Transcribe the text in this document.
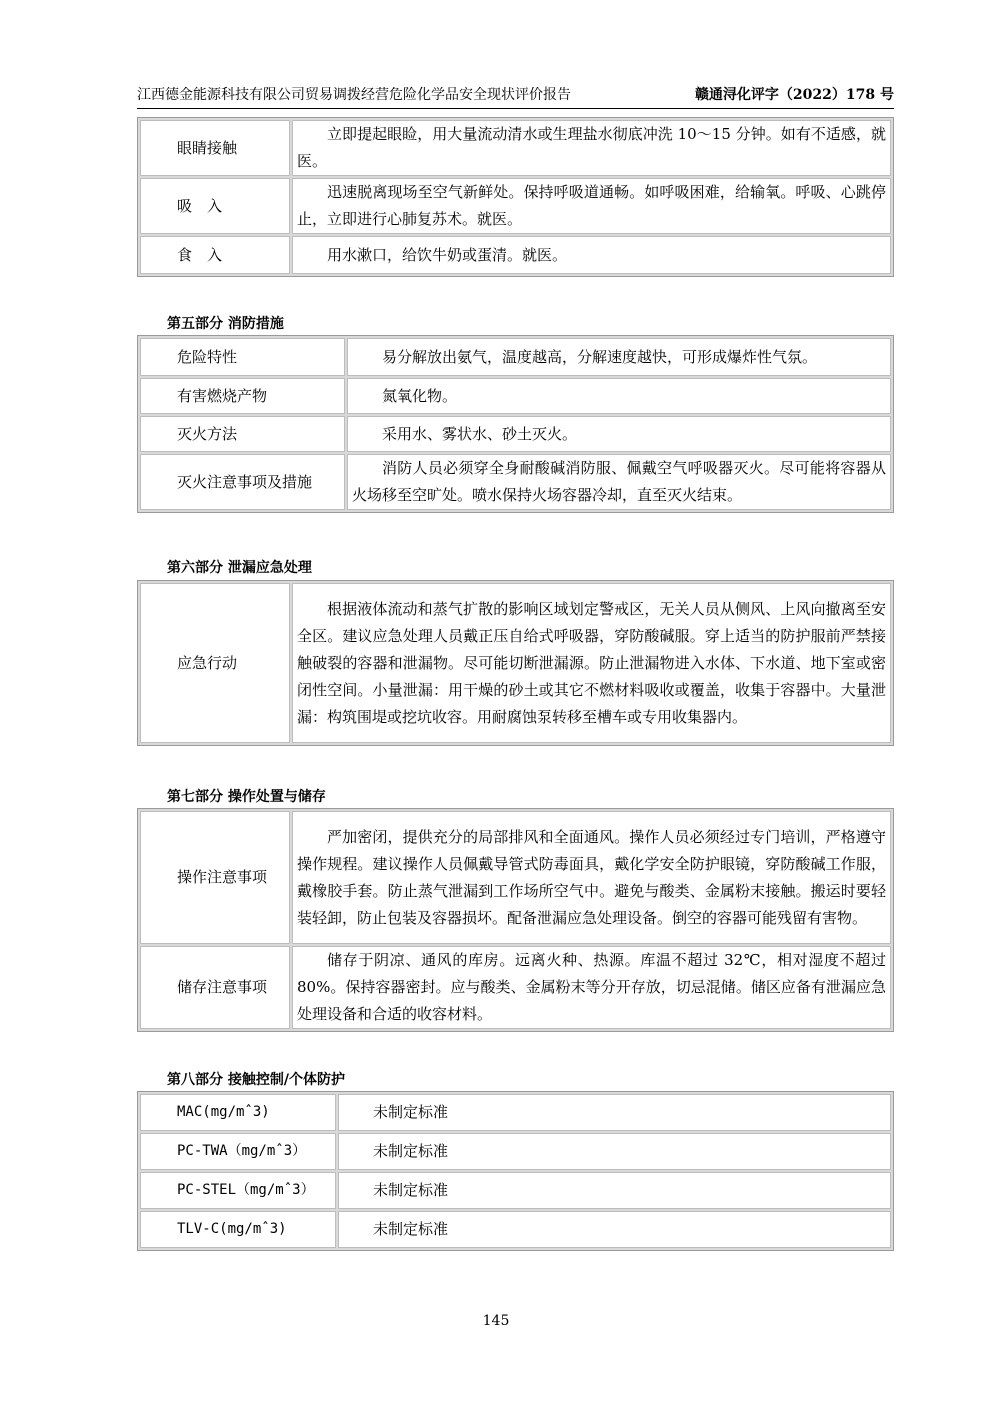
江西德金能源科技有限公司贸易调拨经营危险化学品安全现状评价报告	赣通浔化评字（2022）178 号
眼睛接触	立即提起眼睑，用大量流动清水或生理盐水彻底冲洗 10～15 分钟。如有不适感，就医。
吸　入	迅速脱离现场至空气新鲜处。保持呼吸道通畅。如呼吸困难，给输氧。呼吸、心跳停止，立即进行心肺复苏术。就医。
食　入	用水漱口，给饮牛奶或蛋清。就医。
第五部分 消防措施
危险特性	易分解放出氨气，温度越高，分解速度越快，可形成爆炸性气氛。
有害燃烧产物	氮氧化物。
灭火方法	采用水、雾状水、砂土灭火。
灭火注意事项及措施	消防人员必须穿全身耐酸碱消防服、佩戴空气呼吸器灭火。尽可能将容器从火场移至空旷处。喷水保持火场容器冷却，直至灭火结束。
第六部分 泄漏应急处理
应急行动	根据液体流动和蒸气扩散的影响区域划定警戒区，无关人员从侧风、上风向撤离至安全区。建议应急处理人员戴正压自给式呼吸器，穿防酸碱服。穿上适当的防护服前严禁接触破裂的容器和泄漏物。尽可能切断泄漏源。防止泄漏物进入水体、下水道、地下室或密闭性空间。小量泄漏：用干燥的砂土或其它不燃材料吸收或覆盖，收集于容器中。大量泄漏：构筑围堤或挖坑收容。用耐腐蚀泵转移至槽车或专用收集器内。
第七部分 操作处置与储存
操作注意事项	严加密闭，提供充分的局部排风和全面通风。操作人员必须经过专门培训，严格遵守操作规程。建议操作人员佩戴导管式防毒面具，戴化学安全防护眼镜，穿防酸碱工作服，戴橡胶手套。防止蒸气泄漏到工作场所空气中。避免与酸类、金属粉末接触。搬运时要轻装轻卸，防止包装及容器损坏。配备泄漏应急处理设备。倒空的容器可能残留有害物。
储存注意事项	储存于阴凉、通风的库房。远离火种、热源。库温不超过 32℃，相对湿度不超过 80%。保持容器密封。应与酸类、金属粉末等分开存放，切忌混储。储区应备有泄漏应急处理设备和合适的收容材料。
第八部分 接触控制/个体防护
MAC(mg/mˆ3)	未制定标准
PC-TWA（mg/mˆ3）	未制定标准
PC-STEL（mg/mˆ3）	未制定标准
TLV-C(mg/mˆ3)	未制定标准
145
